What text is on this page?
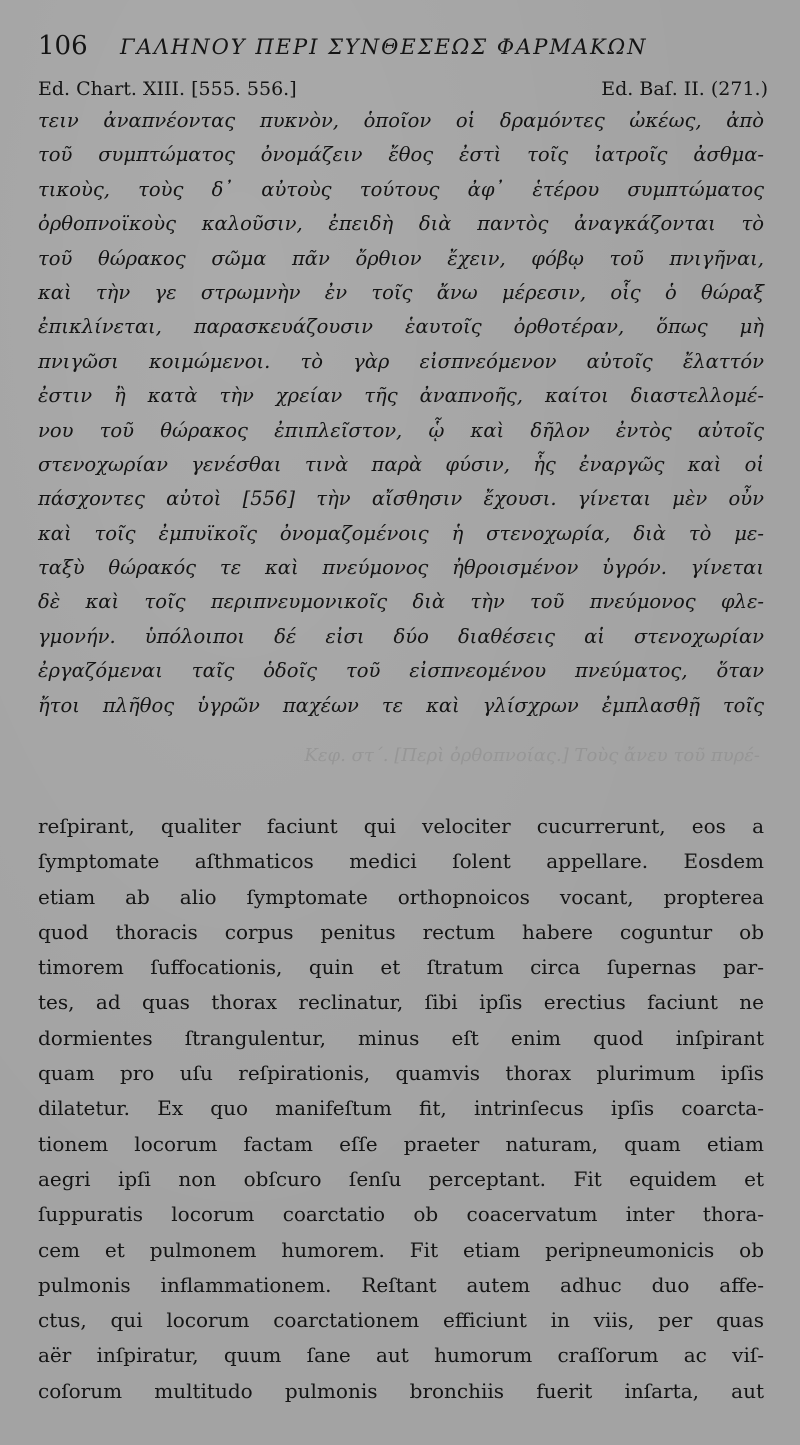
106 ΓΑΛΗΝΟΥ ΠΕΡΙ ΣΥΝΘΕΣΕΩΣ ΦΑΡΜΑΚΩΝ
Ed. Chart. XIII. [555. 556.]	Ed. Baſ. II. (271.)
τειν ἀναπνέοντας πυκνὸν, ὁποῖον οἱ δραμόντες ὠκέως, ἀπὸ
τοῦ συμπτώματος ὀνομάζειν ἔθος ἐστὶ τοῖς ἰατροῖς ἀσθμα-
τικοὺς, τοὺς δ᾽ αὐτοὺς τούτους ἀφ᾽ ἑτέρου συμπτώματος
ὀρθοπνοϊκοὺς καλοῦσιν, ἐπειδὴ διὰ παντὸς ἀναγκάζονται τὸ
τοῦ θώρακος σῶμα πᾶν ὄρθιον ἔχειν, φόβῳ τοῦ πνιγῆναι,
καὶ τὴν γε στρωμνὴν ἐν τοῖς ἄνω μέρεσιν, οἷς ὁ θώραξ
ἐπικλίνεται, παρασκευάζουσιν ἑαυτοῖς ὀρθοτέραν, ὅπως μὴ
πνιγῶσι κοιμώμενοι. τὸ γὰρ εἰσπνεόμενον αὐτοῖς ἔλαττόν
ἐστιν ἢ κατὰ τὴν χρείαν τῆς ἀναπνοῆς, καίτοι διαστελλομέ-
νου τοῦ θώρακος ἐπιπλεῖστον, ᾧ καὶ δῆλον ἐντὸς αὐτοῖς
στενοχωρίαν γενέσθαι τινὰ παρὰ φύσιν, ἧς ἐναργῶς καὶ οἱ
πάσχοντες αὐτοὶ [556] τὴν αἴσθησιν ἔχουσι. γίνεται μὲν οὖν
καὶ τοῖς ἐμπυϊκοῖς ὀνομαζομένοις ἡ στενοχωρία, διὰ τὸ με-
ταξὺ θώρακός τε καὶ πνεύμονος ἠθροισμένον ὑγρόν. γίνεται
δὲ καὶ τοῖς περιπνευμονικοῖς διὰ τὴν τοῦ πνεύμονος φλε-
γμονήν. ὑπόλοιποι δέ εἰσι δύο διαθέσεις αἱ στενοχωρίαν
ἐργαζόμεναι ταῖς ὁδοῖς τοῦ εἰσπνεομένου πνεύματος, ὅταν
ἤτοι πλῆθος ὑγρῶν παχέων τε καὶ γλίσχρων ἐμπλασθῇ τοῖς
Κεφ. στ΄. [Περὶ ὀρθοπνοίας.] Τοὺς ἄνευ τοῦ πυρέ-
reſpirant, qualiter faciunt qui velociter cucurrerunt, eos a
ſymptomate aſthmaticos medici ſolent appellare. Eosdem
etiam ab alio ſymptomate orthopnoicos vocant, propterea
quod thoracis corpus penitus rectum habere coguntur ob
timorem ſuffocationis, quin et ſtratum circa ſupernas par-
tes, ad quas thorax reclinatur, ſibi ipſis erectius faciunt ne
dormientes ſtrangulentur, minus eſt enim quod inſpirant
quam pro uſu reſpirationis, quamvis thorax plurimum ipſis
dilatetur. Ex quo manifeſtum fit, intrinſecus ipſis coarcta-
tionem locorum factam eſſe praeter naturam, quam etiam
aegri ipſi non obſcuro ſenſu perceptant. Fit equidem et
ſuppuratis locorum coarctatio ob coacervatum inter thora-
cem et pulmonem humorem. Fit etiam peripneumonicis ob
pulmonis inflammationem. Reſtant autem adhuc duo affe-
ctus, qui locorum coarctationem efficiunt in viis, per quas
aër inſpiratur, quum ſane aut humorum craſſorum ac viſ-
coſorum multitudo pulmonis bronchiis fuerit inſarta, aut
